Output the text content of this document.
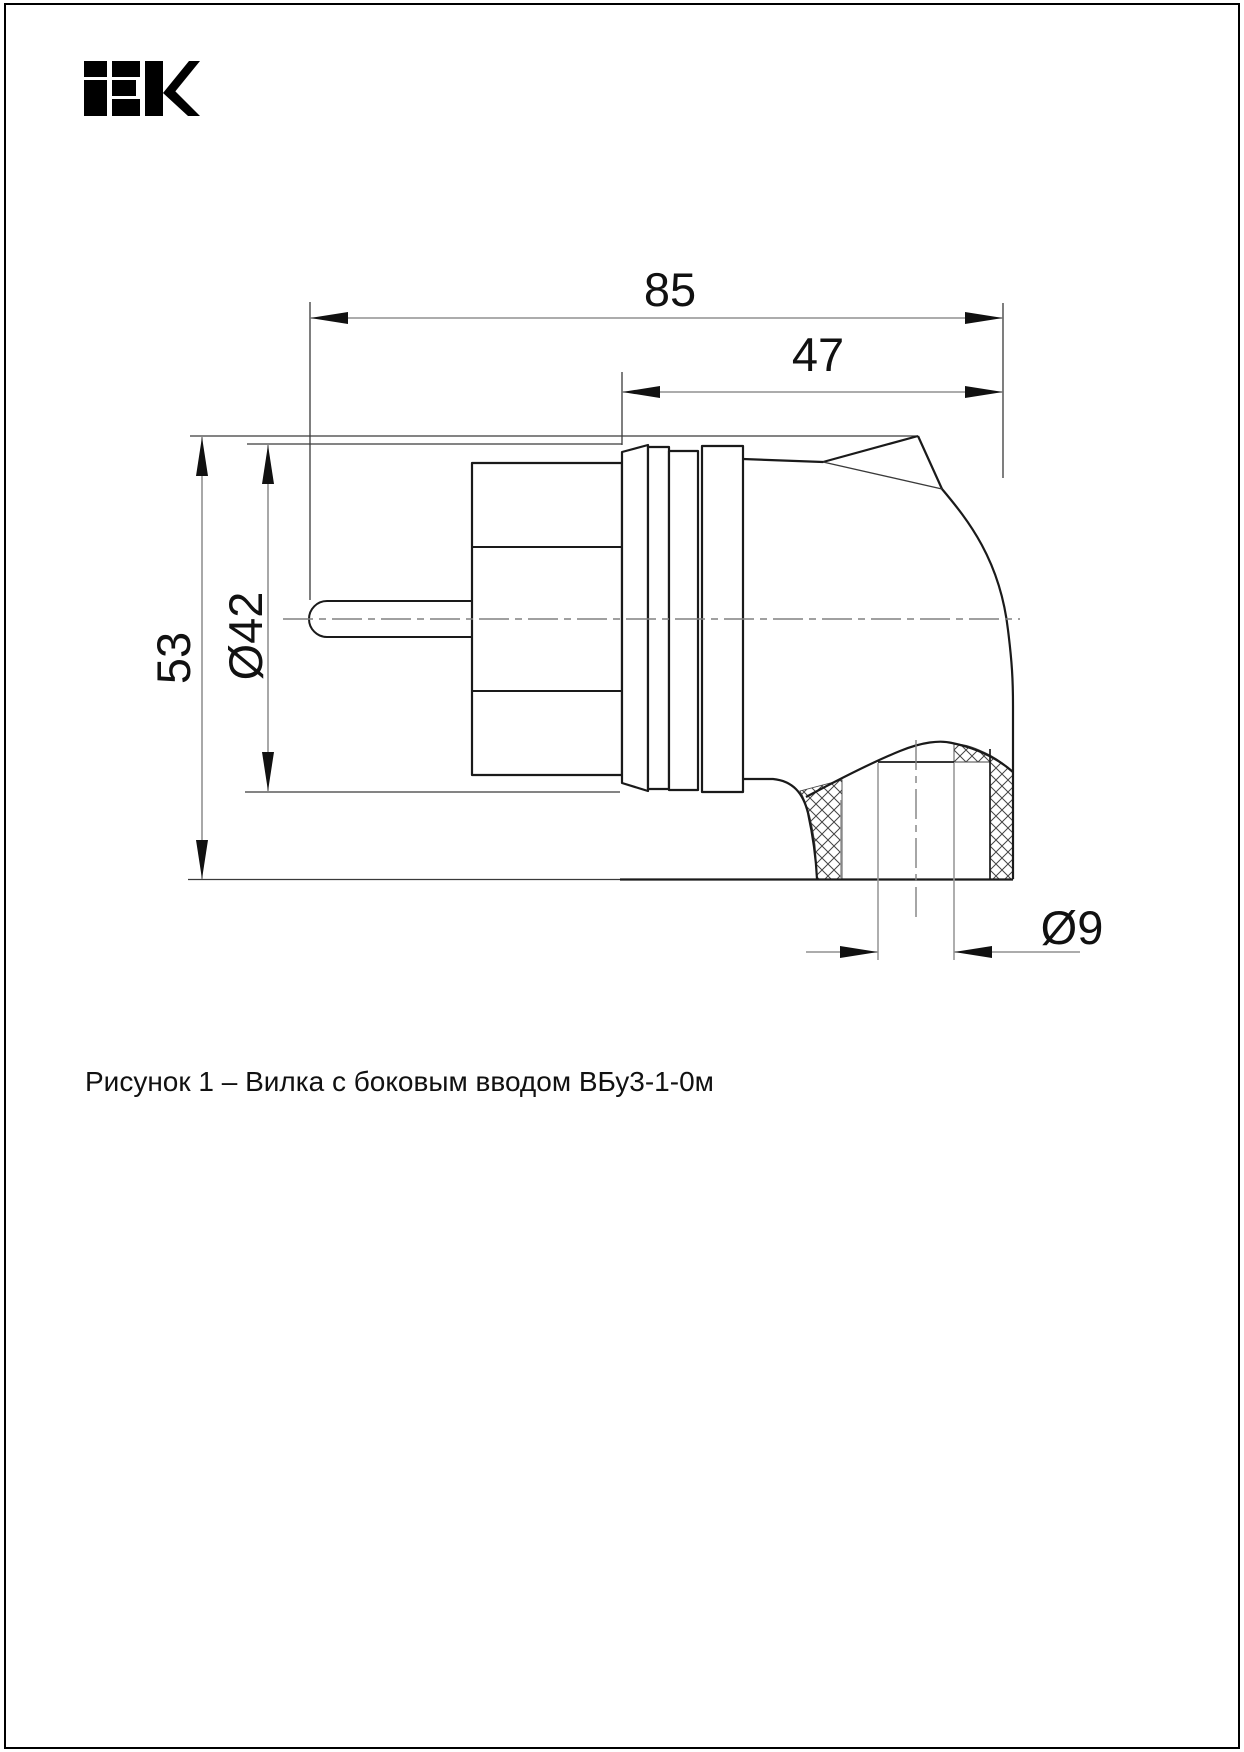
85
47
53 Ø42
Ø9
Рисунок 1 – Вилка с боковым вводом ВБу3-1-0м
